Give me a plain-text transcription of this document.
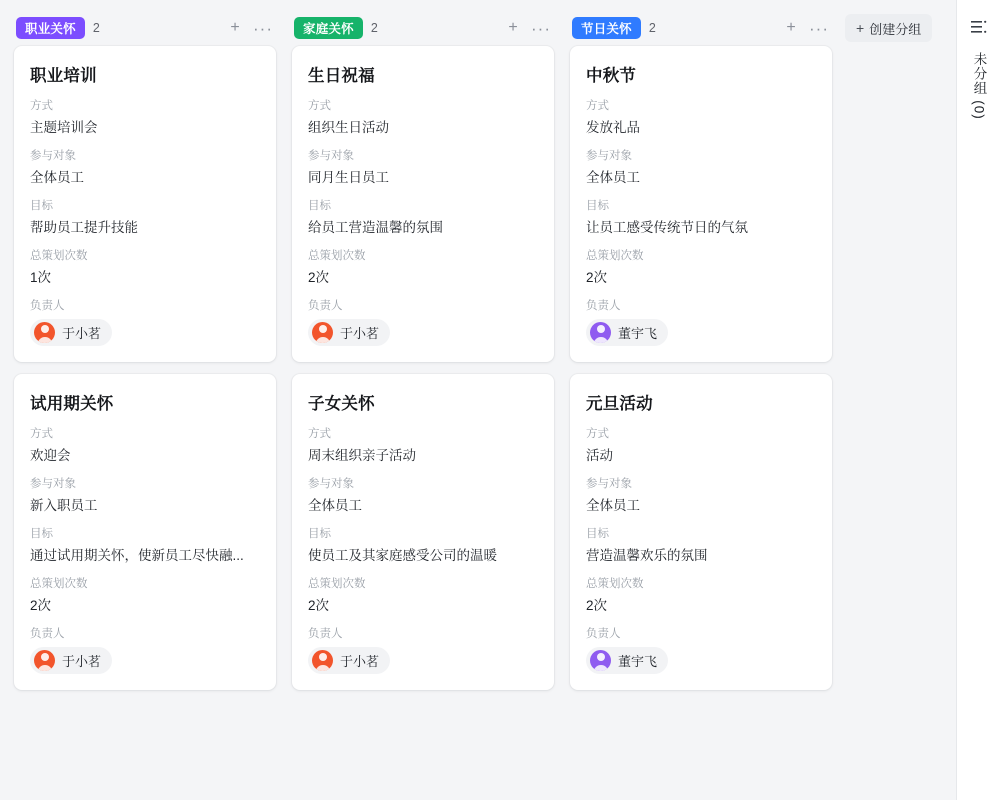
职业关怀	2	+ ···
职业培训
方式
主题培训会
参与对象
全体员工
目标
帮助员工提升技能
总策划次数
1次
负责人
于小茗
试用期关怀
方式
欢迎会
参与对象
新入职员工
目标
通过试用期关怀，使新员工尽快融...
总策划次数
2次
负责人
于小茗
家庭关怀	2	+ ···
生日祝福
方式
组织生日活动
参与对象
同月生日员工
目标
给员工营造温馨的氛围
总策划次数
2次
负责人
于小茗
子女关怀
方式
周末组织亲子活动
参与对象
全体员工
目标
使员工及其家庭感受公司的温暖
总策划次数
2次
负责人
于小茗
节日关怀	2	+ ···
中秋节
方式
发放礼品
参与对象
全体员工
目标
让员工感受传统节日的气氛
总策划次数
2次
负责人
董宇飞
元旦活动
方式
活动
参与对象
全体员工
目标
营造温馨欢乐的氛围
总策划次数
2次
负责人
董宇飞
+ 创建分组
未分组 (0)
